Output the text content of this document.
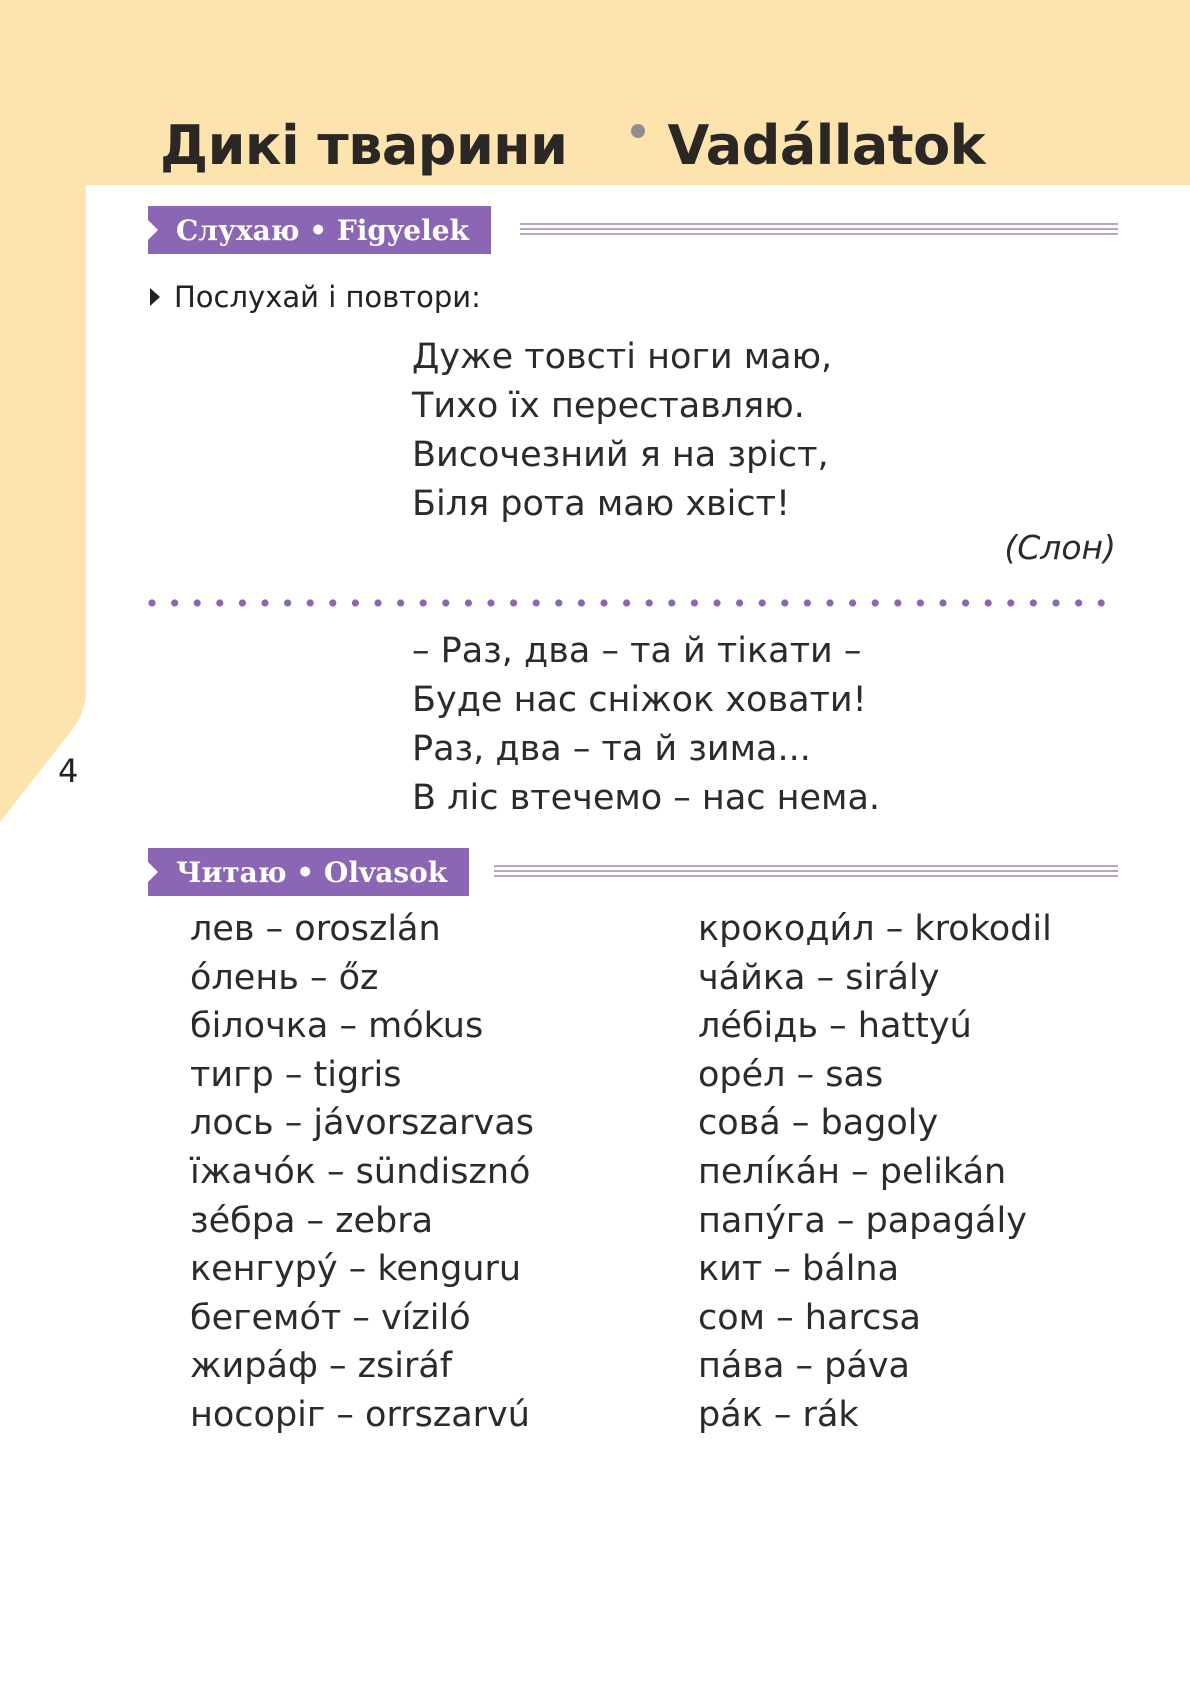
Дикі тварини Vadállatok
4
Слухаю • Figyelek
Послухай і повтори:
Дуже товсті ноги маю,
Тихо їх переставляю.
Височезний я на зріст,
Біля рота маю хвіст!
(Слон)
– Раз, два – та й тікати –
Буде нас сніжок ховати!
Раз, два – та й зима...
В ліс втечемо – нас нема.
Читаю • Olvasok
лев – oroszlán
о́лень – őz
білочка – mókus
тигр – tigris
лось – jávorszarvas
їжачо́к – sündisznó
зе́бра – zebra
кенгуру́ – kenguru
бегемо́т – víziló
жира́ф – zsiráf
носоріг – orrszarvú
крокоди́л – krokodil
ча́йка – sirály
ле́бідь – hattyú
оре́л – sas
сова́ – bagoly
пелі́ка́н – pelikán
папу́га – papagály
кит – bálna
сом – harcsa
па́ва – páva
ра́к – rák
